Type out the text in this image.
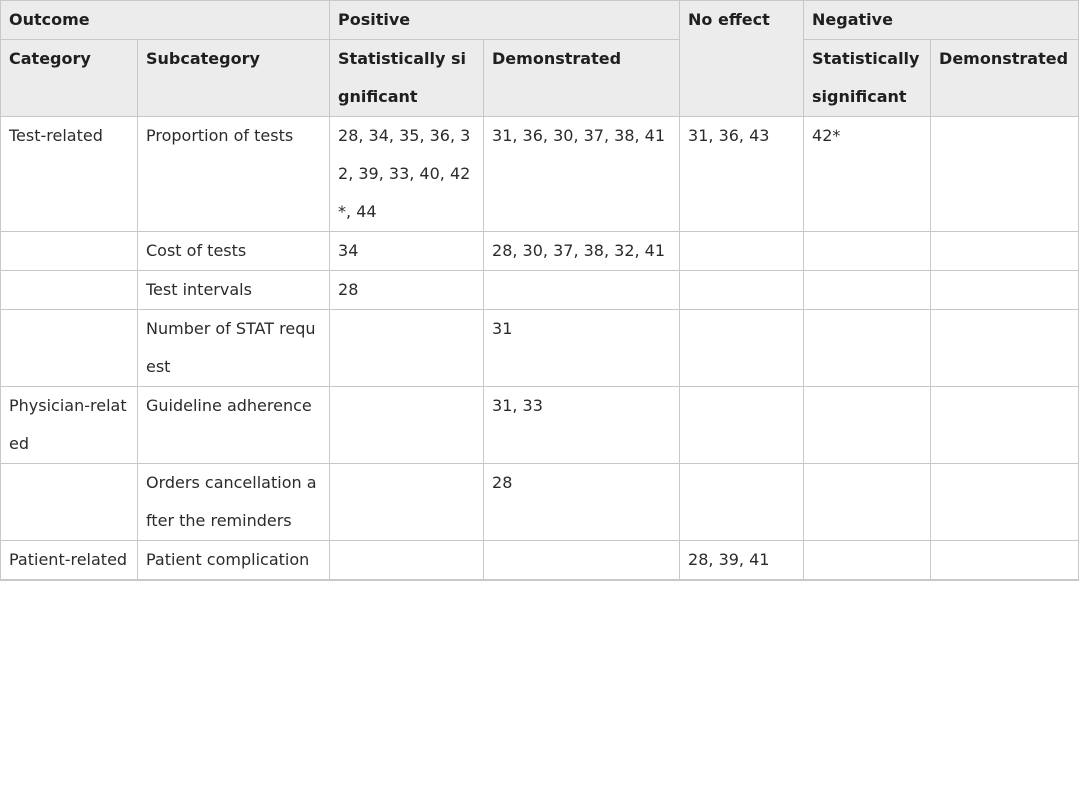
Outcome		Positive		No effect	Negative	
Category	Subcategory	Statistically significant	Demonstrated		Statistically significant	Demonstrated
Test-related	Proportion of tests	28, 34, 35, 36, 32, 39, 33, 40, 42*, 44	31, 36, 30, 37, 38, 41	31, 36, 43	42*	
	Cost of tests	34	28, 30, 37, 38, 32, 41			
	Test intervals	28				
	Number of STAT request		31			
Physician-related	Guideline adherence		31, 33			
	Orders cancellation after the reminders		28			
Patient-related	Patient complication			28, 39, 41		
